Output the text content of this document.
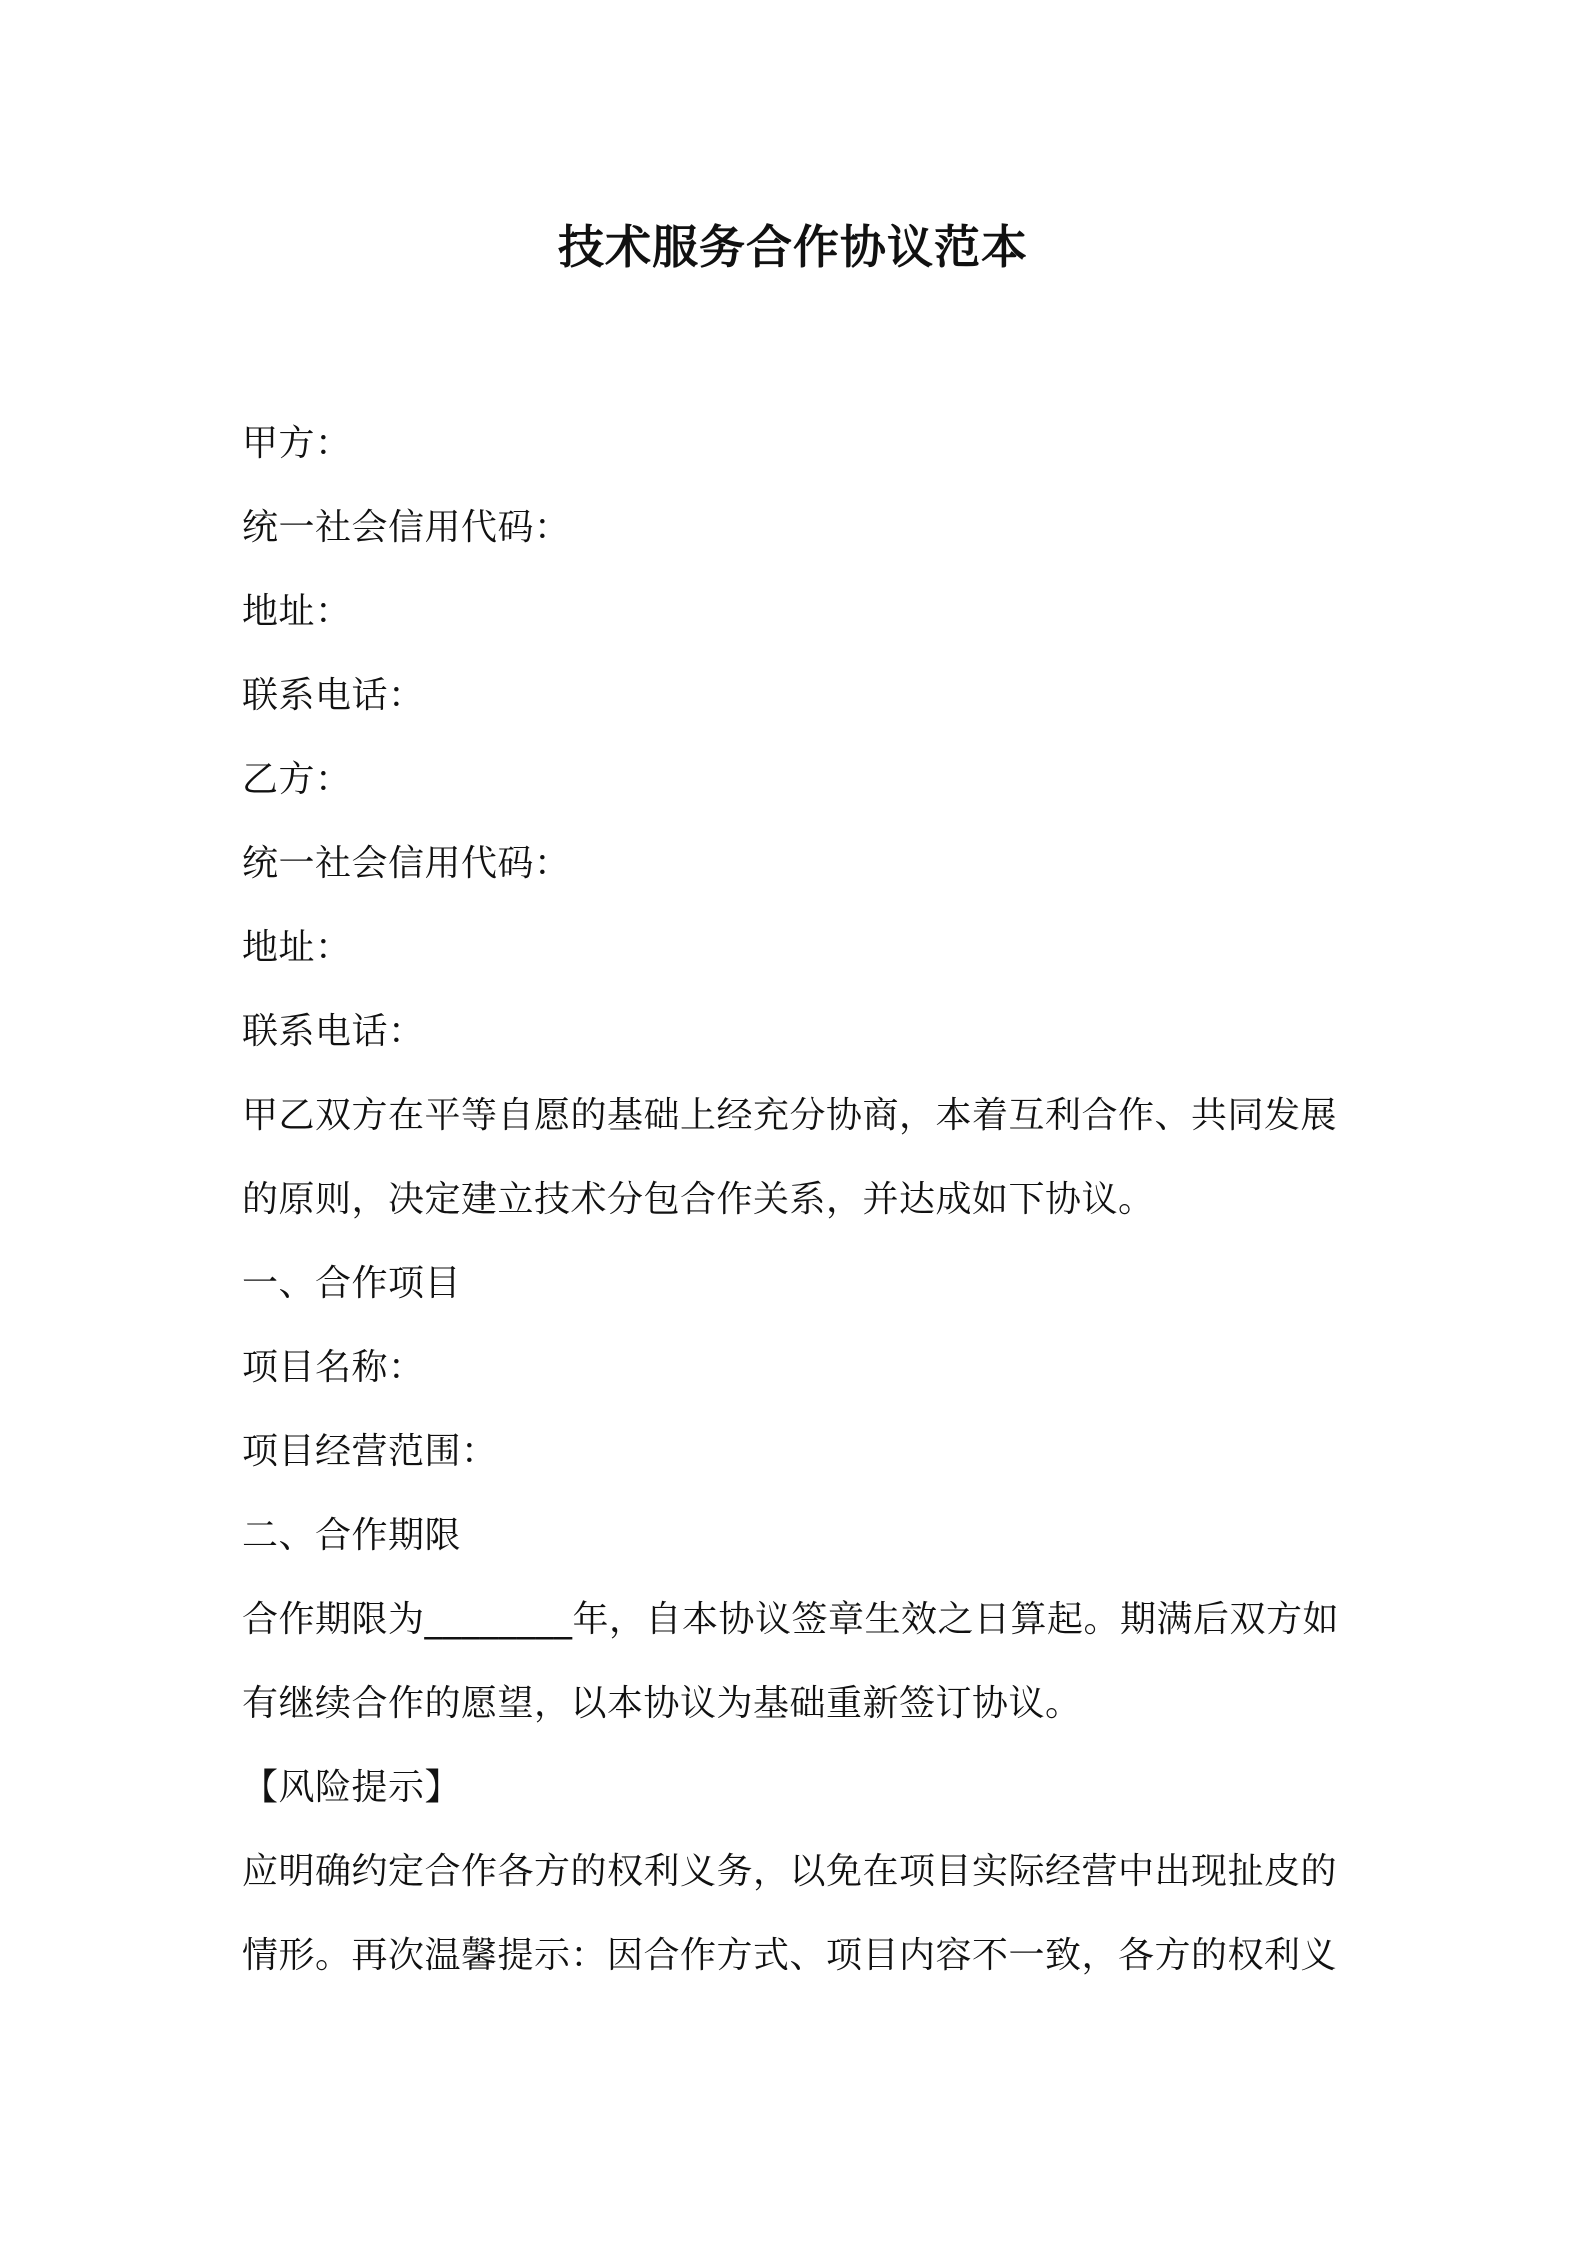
技术服务合作协议范本
甲方：
统一社会信用代码：
地址：
联系电话：
乙方：
统一社会信用代码：
地址：
联系电话：
甲乙双方在平等自愿的基础上经充分协商，本着互利合作、共同发展
的原则，决定建立技术分包合作关系，并达成如下协议。
一、合作项目
项目名称：
项目经营范围：
二、合作期限
合作期限为________年，自本协议签章生效之日算起。期满后双方如
有继续合作的愿望，以本协议为基础重新签订协议。
【风险提示】
应明确约定合作各方的权利义务，以免在项目实际经营中出现扯皮的
情形。再次温馨提示：因合作方式、项目内容不一致，各方的权利义
